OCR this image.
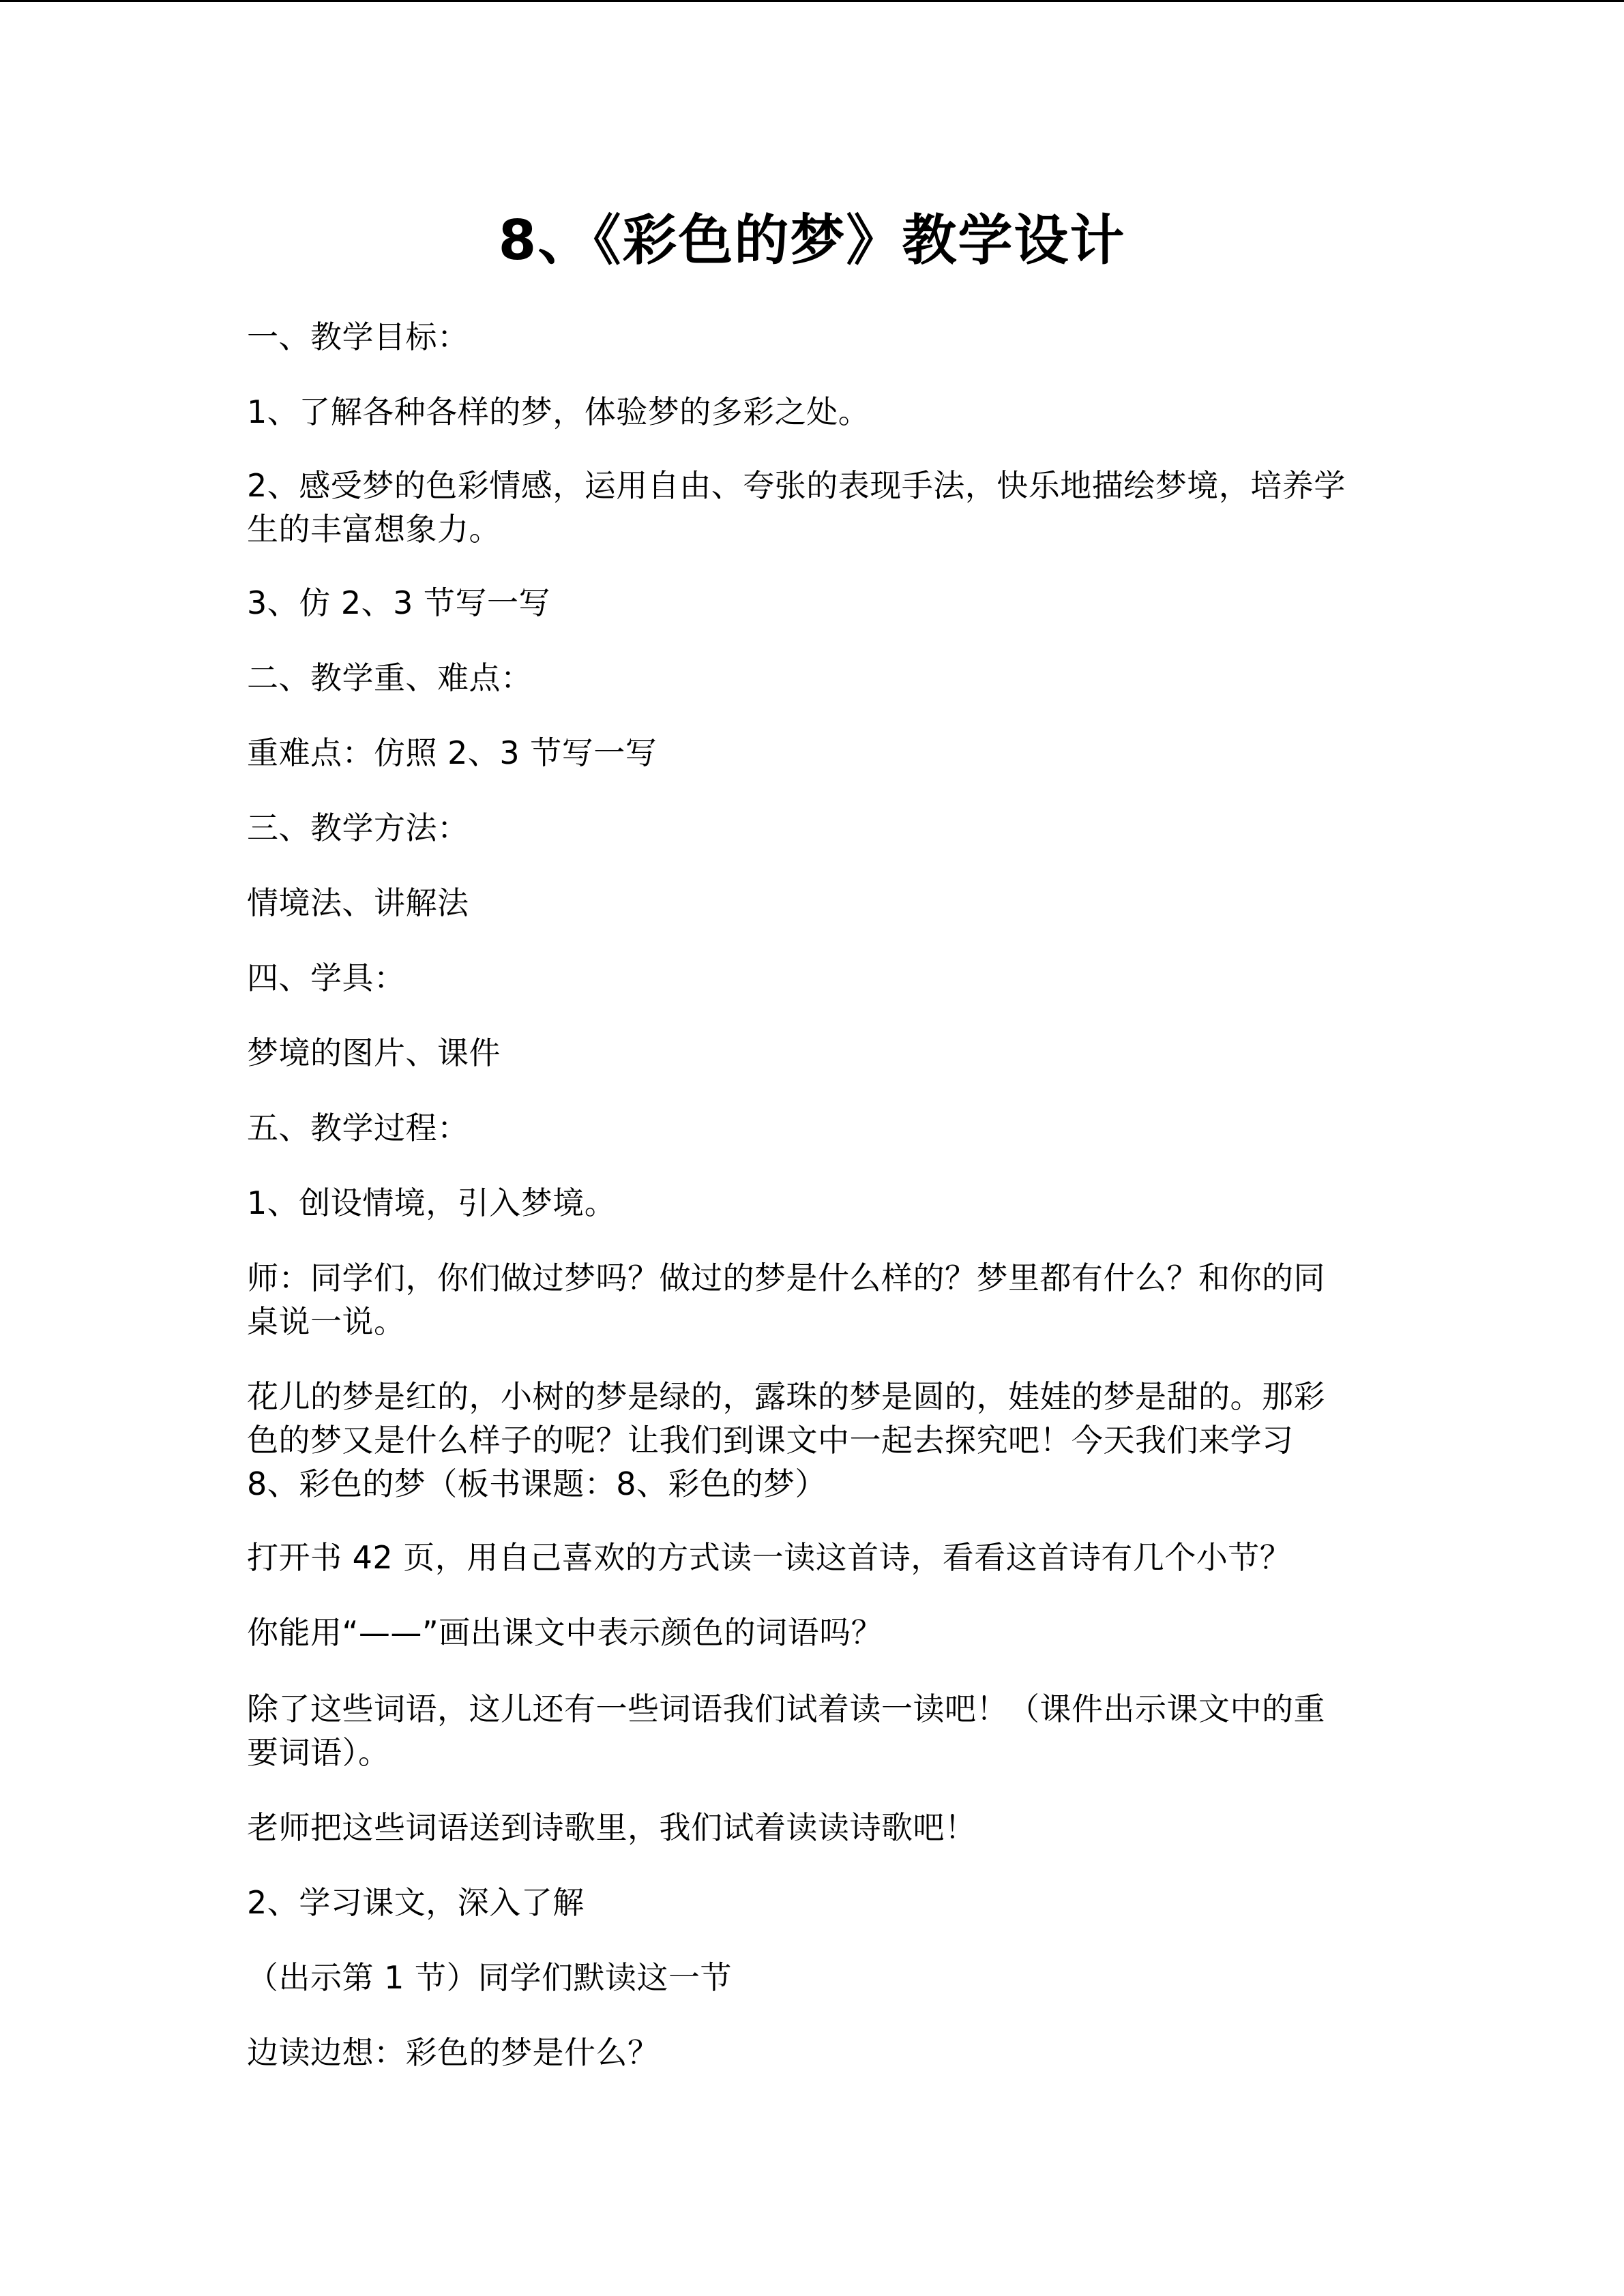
8、《彩色的梦》教学设计

一、教学目标：

1、了解各种各样的梦，体验梦的多彩之处。

2、感受梦的色彩情感，运用自由、夸张的表现手法，快乐地描绘梦境，培养学
生的丰富想象力。

3、仿 2、3 节写一写

二、教学重、难点：

重难点：仿照 2、3 节写一写

三、教学方法：

情境法、讲解法

四、学具：

梦境的图片、课件

五、教学过程：

1、创设情境，引入梦境。

师：同学们，你们做过梦吗？做过的梦是什么样的？梦里都有什么？和你的同
桌说一说。

花儿的梦是红的，小树的梦是绿的，露珠的梦是圆的，娃娃的梦是甜的。那彩
色的梦又是什么样子的呢？让我们到课文中一起去探究吧！今天我们来学习
8、彩色的梦（板书课题：8、彩色的梦）

打开书 42 页，用自己喜欢的方式读一读这首诗，看看这首诗有几个小节？

你能用“——”画出课文中表示颜色的词语吗？

除了这些词语，这儿还有一些词语我们试着读一读吧！（课件出示课文中的重
要词语）。

老师把这些词语送到诗歌里，我们试着读读诗歌吧！

2、学习课文，深入了解

（出示第 1 节）同学们默读这一节

边读边想：彩色的梦是什么？
